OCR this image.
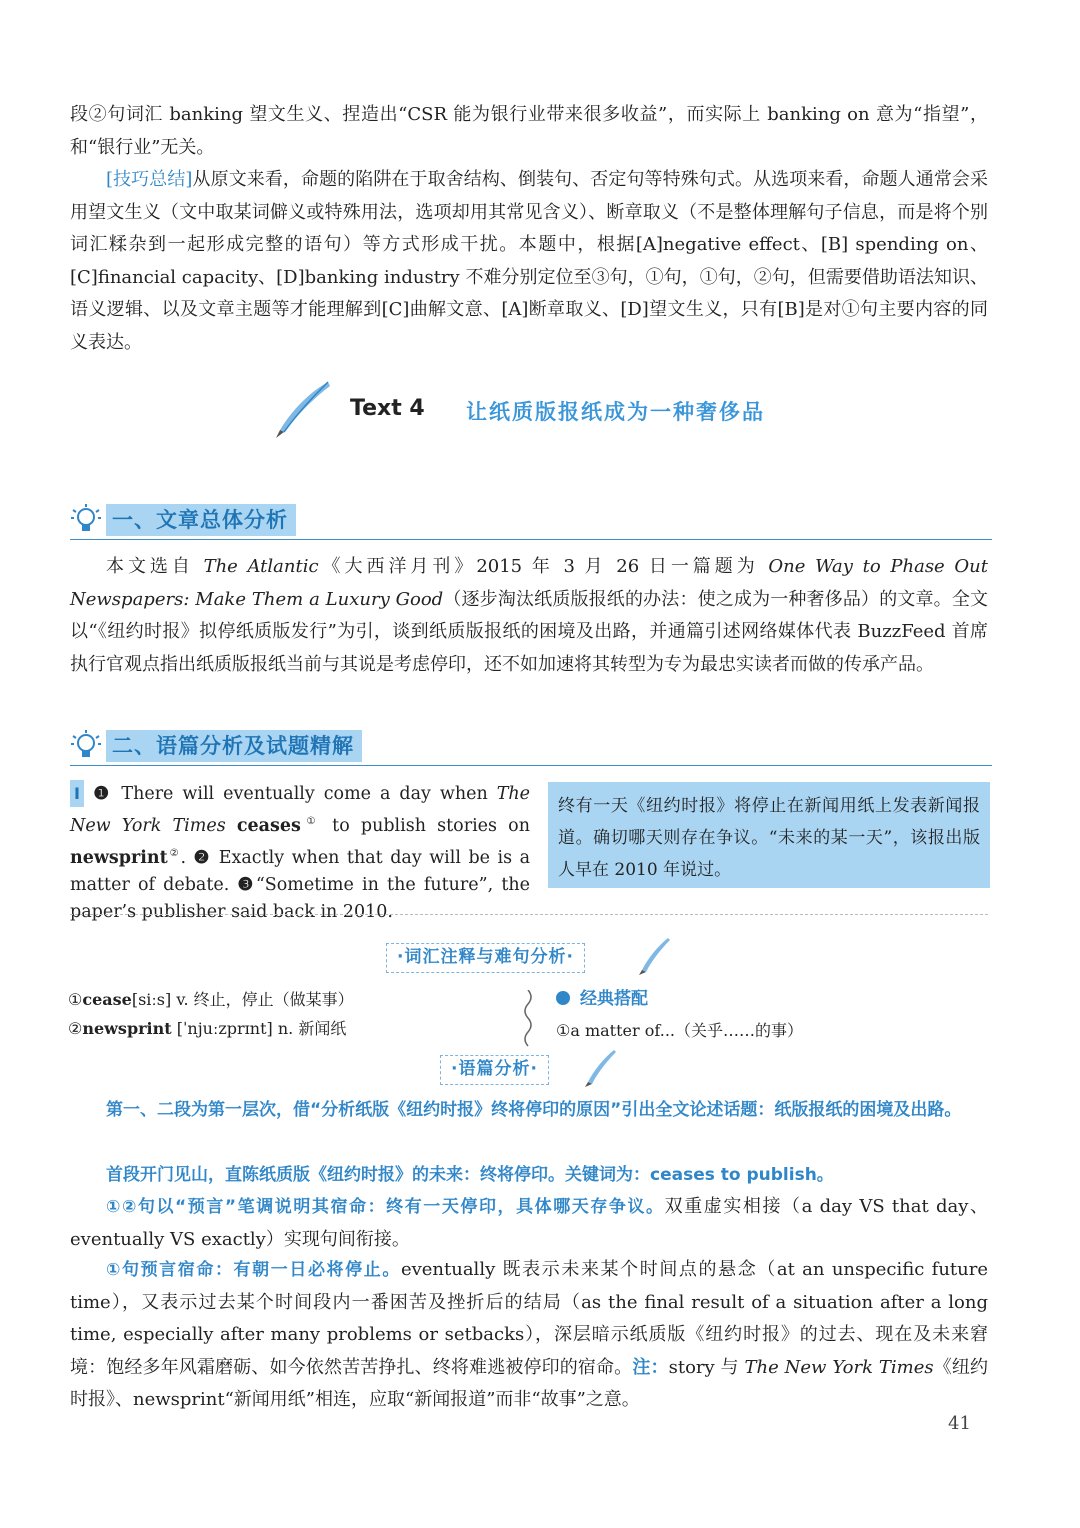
段②句词汇 banking 望文生义、捏造出“CSR 能为银行业带来很多收益”，而实际上 banking on 意为“指望”，和“银行业”无关。

[技巧总结]从原文来看，命题的陷阱在于取舍结构、倒装句、否定句等特殊句式。从选项来看，命题人通常会采用望文生义（文中取某词僻义或特殊用法，选项却用其常见含义）、断章取义（不是整体理解句子信息，而是将个别词汇糅杂到一起形成完整的语句）等方式形成干扰。本题中，根据[A]negative effect、[B] spending on、[C]financial capacity、[D]banking industry 不难分别定位至③句，①句，①句，②句，但需要借助语法知识、语义逻辑、以及文章主题等才能理解到[C]曲解文意、[A]断章取义、[D]望文生义，只有[B]是对①句主要内容的同义表达。

Text 4 让纸质版报纸成为一种奢侈品
一、文章总体分析

本文选自 The Atlantic《大西洋月刊》2015 年 3 月 26 日一篇题为 One Way to Phase Out Newspapers: Make Them a Luxury Good（逐步淘汰纸质版报纸的办法：使之成为一种奢侈品）的文章。全文以“《纽约时报》拟停纸质版发行”为引，谈到纸质版报纸的困境及出路，并通篇引述网络媒体代表 BuzzFeed 首席执行官观点指出纸质版报纸当前与其说是考虑停印，还不如加速将其转型为专为最忠实读者而做的传承产品。

二、语篇分析及试题精解

I ❶ There will eventually come a day when The New York Times ceases① to publish stories on newsprint②. ❷ Exactly when that day will be is a matter of debate. ❸“Sometime in the future”, the paper’s publisher said back in 2010.

终有一天《纽约时报》将停止在新闻用纸上发表新闻报道。确切哪天则存在争议。“未来的某一天”，该报出版人早在 2010 年说过。
·词汇注释与难句分析·

①cease[siːs] v. 终止，停止（做某事）

②newsprint [ˈnjuːzprɪnt] n. 新闻纸

经典搭配

①a matter of...（关乎……的事）

·语篇分析·

第一、二段为第一层次，借“分析纸版《纽约时报》终将停印的原因”引出全文论述话题：纸版报纸的困境及出路。

首段开门见山，直陈纸质版《纽约时报》的未来：终将停印。关键词为：ceases to publish。

①②句以“预言”笔调说明其宿命：终有一天停印，具体哪天存争议。双重虚实相接（a day VS that day、eventually VS exactly）实现句间衔接。

①句预言宿命：有朝一日必将停止。eventually 既表示未来某个时间点的悬念（at an unspecific future time），又表示过去某个时间段内一番困苦及挫折后的结局（as the final result of a situation after a long time, especially after many problems or setbacks），深层暗示纸质版《纽约时报》的过去、现在及未来窘境：饱经多年风霜磨砺、如今依然苦苦挣扎、终将难逃被停印的宿命。注：story 与 The New York Times《纽约时报》、newsprint“新闻用纸”相连，应取“新闻报道”而非“故事”之意。

41
